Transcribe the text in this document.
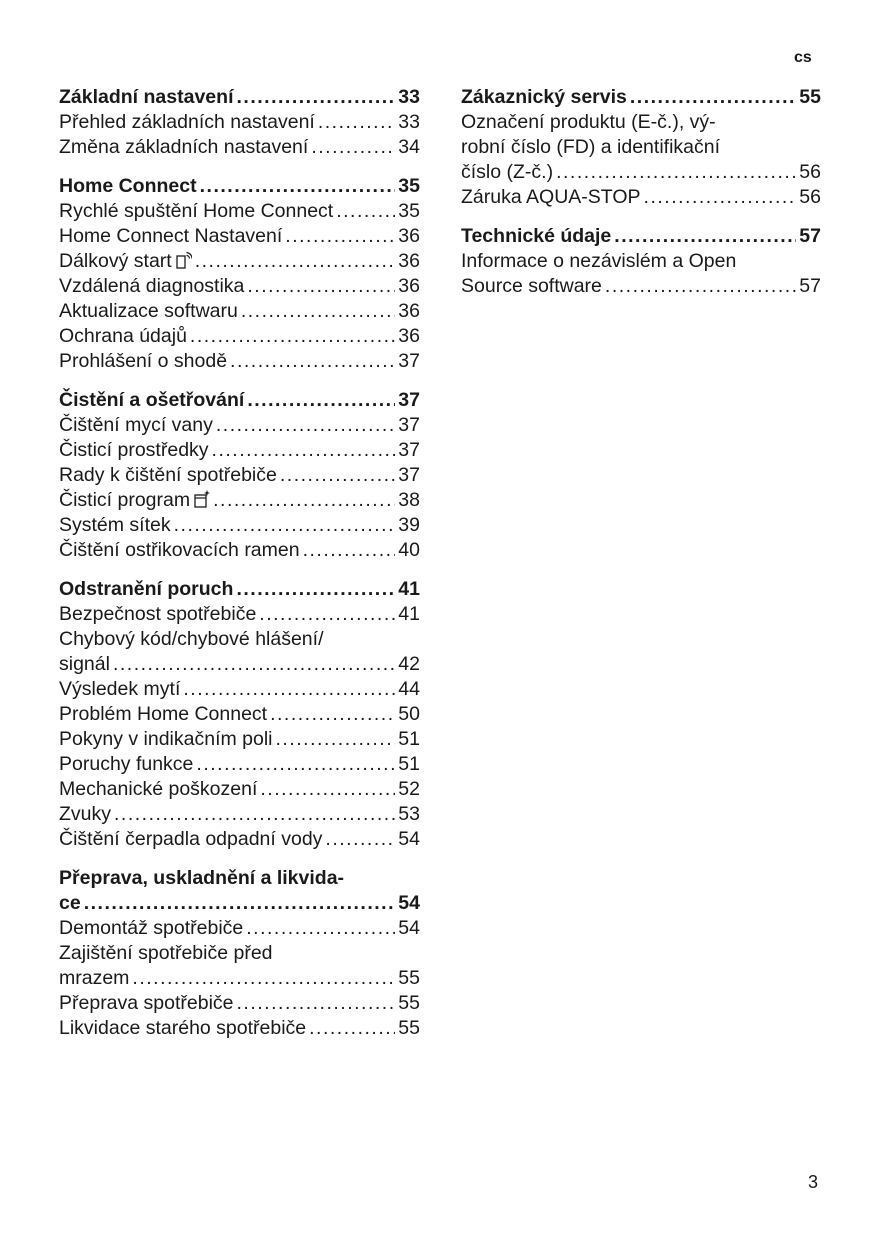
cs
Základní nastavení .....	33
Přehled základních nastavení .....	33
Změna základních nastavení .....	34
Home Connect .....	35
Rychlé spuštění Home Connect .....	35
Home Connect Nastavení .....	36
Dálkový start .....	36
Vzdálená diagnostika .....	36
Aktualizace softwaru .....	36
Ochrana údajů .....	36
Prohlášení o shodě .....	37
Čistění a ošetřování .....	37
Čištění mycí vany .....	37
Čisticí prostředky .....	37
Rady k čištění spotřebiče .....	37
Čisticí program .....	38
Systém sítek .....	39
Čištění ostřikovacích ramen .....	40
Odstranění poruch .....	41
Bezpečnost spotřebiče .....	41
Chybový kód/chybové hlášení/
signál .....	42
Výsledek mytí .....	44
Problém Home Connect .....	50
Pokyny v indikačním poli .....	51
Poruchy funkce .....	51
Mechanické poškození .....	52
Zvuky .....	53
Čištění čerpadla odpadní vody .....	54
Přeprava, uskladnění a likvida-
ce .....	54
Demontáž spotřebiče .....	54
Zajištění spotřebiče před
mrazem .....	55
Přeprava spotřebiče .....	55
Likvidace starého spotřebiče .....	55
Zákaznický servis .....	55
Označení produktu (E-č.), vý-
robní číslo (FD) a identifikační
číslo (Z-č.) .....	56
Záruka AQUA-STOP .....	56
Technické údaje .....	57
Informace o nezávislém a Open
Source software .....	57
3
